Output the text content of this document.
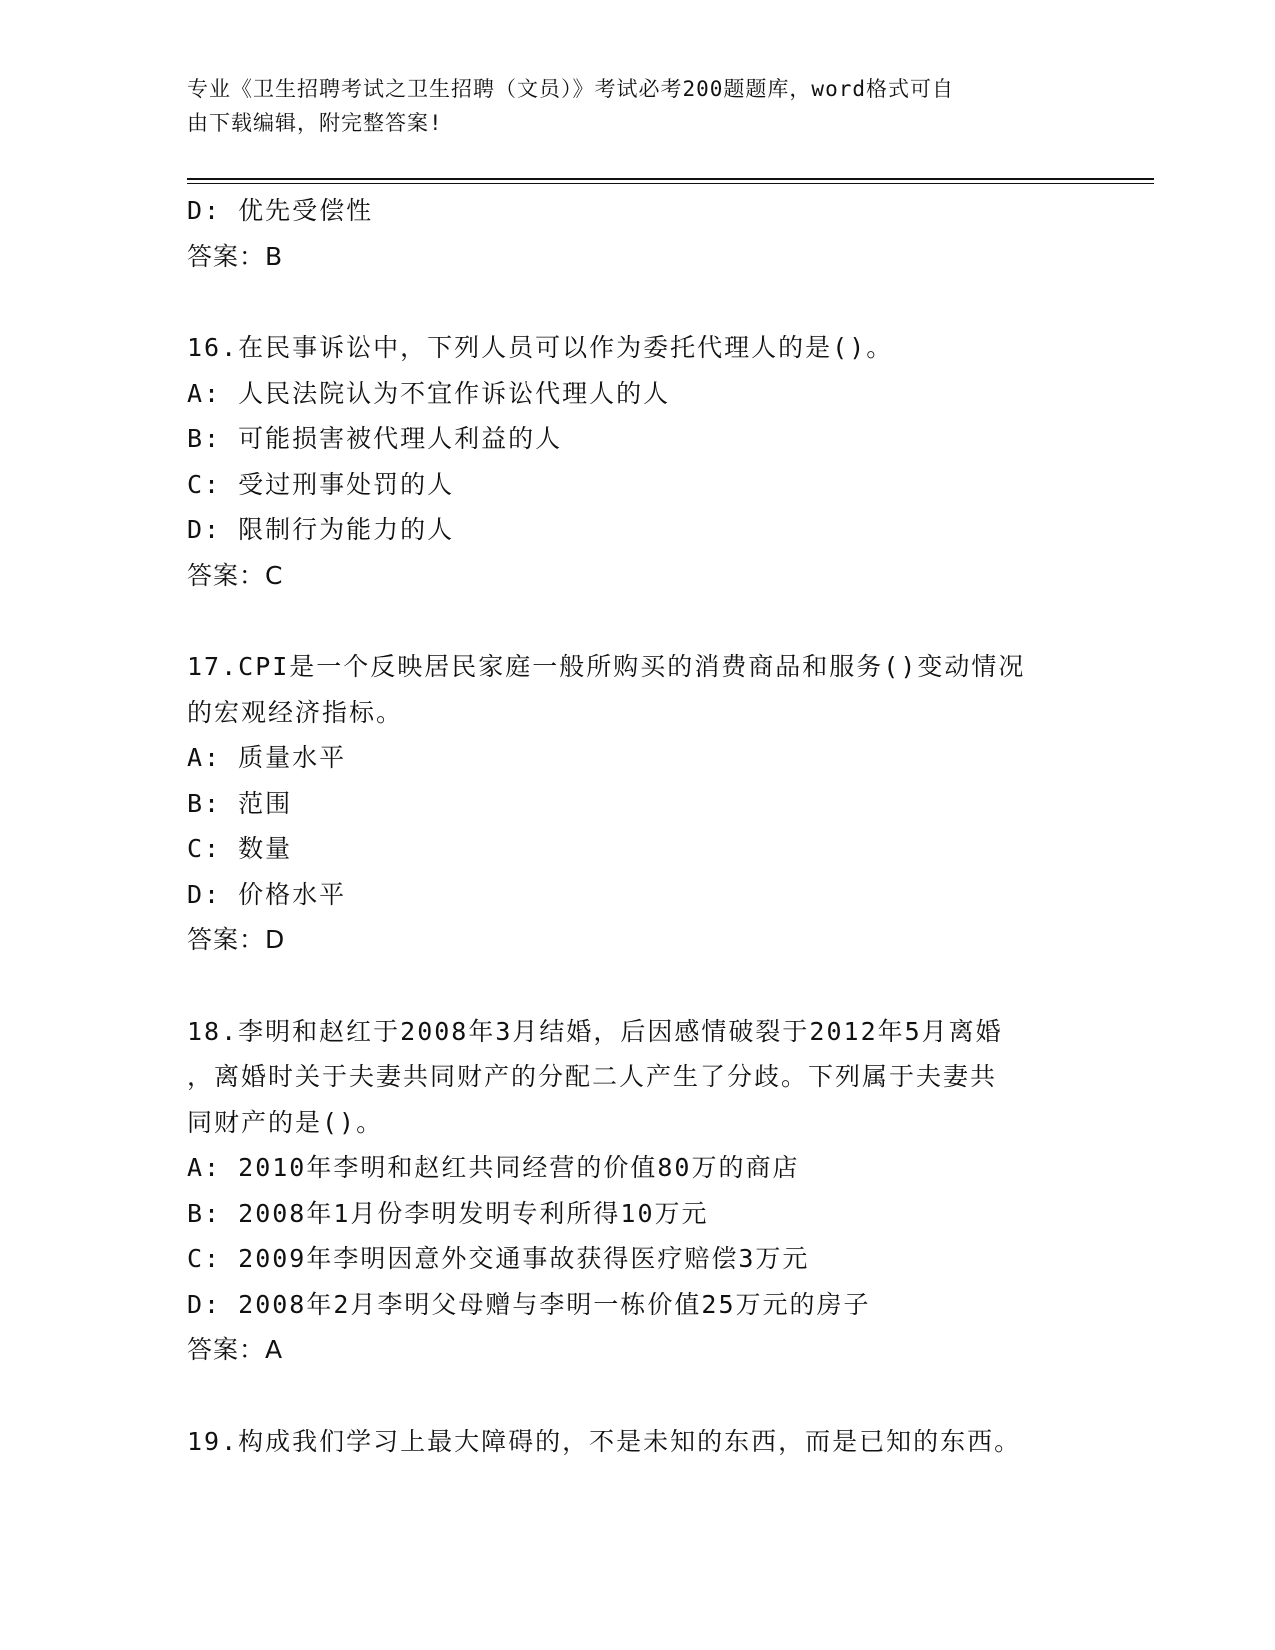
专业《卫生招聘考试之卫生招聘（文员）》考试必考200题题库，word格式可自
由下载编辑，附完整答案!
D: 优先受偿性
答案：B
16.在民事诉讼中，下列人员可以作为委托代理人的是()。
A: 人民法院认为不宜作诉讼代理人的人
B: 可能损害被代理人利益的人
C: 受过刑事处罚的人
D: 限制行为能力的人
答案：C
17.CPI是一个反映居民家庭一般所购买的消费商品和服务()变动情况
的宏观经济指标。
A: 质量水平
B: 范围
C: 数量
D: 价格水平
答案：D
18.李明和赵红于2008年3月结婚，后因感情破裂于2012年5月离婚
，离婚时关于夫妻共同财产的分配二人产生了分歧。下列属于夫妻共
同财产的是()。
A: 2010年李明和赵红共同经营的价值80万的商店
B: 2008年1月份李明发明专利所得10万元
C: 2009年李明因意外交通事故获得医疗赔偿3万元
D: 2008年2月李明父母赠与李明一栋价值25万元的房子
答案：A
19.构成我们学习上最大障碍的，不是未知的东西，而是已知的东西。
